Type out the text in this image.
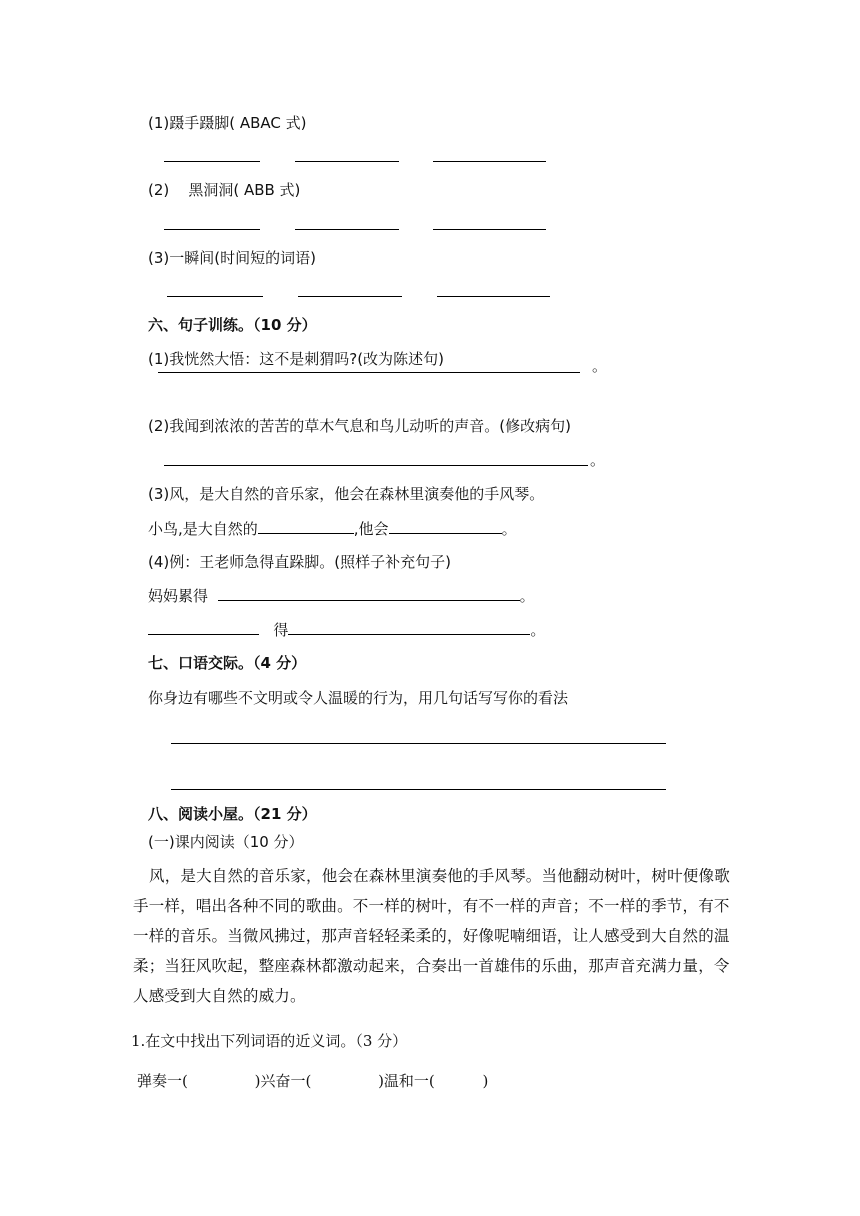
(1)蹑手蹑脚( ABAC 式)
(2)    黑洞洞( ABB 式)
(3)一瞬间(时间短的词语)
六、句子训练。（10 分）
(1)我恍然大悟：这不是刺猬吗?(改为陈述句)	。
(2)我闻到浓浓的苦苦的草木气息和鸟儿动听的声音。(修改病句)
。
(3)风，是大自然的音乐家，他会在森林里演奏他的手风琴。
小鸟,是大自然的	,他会	。
(4)例：王老师急得直跺脚。(照样子补充句子)
妈妈累得	。
得	。
七、口语交际。（4 分）
你身边有哪些不文明或令人温暖的行为，用几句话写写你的看法
八、阅读小屋。（21 分）
(一)课内阅读（10 分）
风，是大自然的音乐家，他会在森林里演奏他的手风琴。当他翻动树叶，树叶便像歌手一样，唱出各种不同的歌曲。不一样的树叶，有不一样的声音；不一样的季节，有不一样的音乐。当微风拂过，那声音轻轻柔柔的，好像呢喃细语，让人感受到大自然的温柔；当狂风吹起，整座森林都激动起来，合奏出一首雄伟的乐曲，那声音充满力量，令人感受到大自然的威力。
1.在文中找出下列词语的近义词。（3 分）
弹奏一(              )兴奋一(              )温和一(          )
